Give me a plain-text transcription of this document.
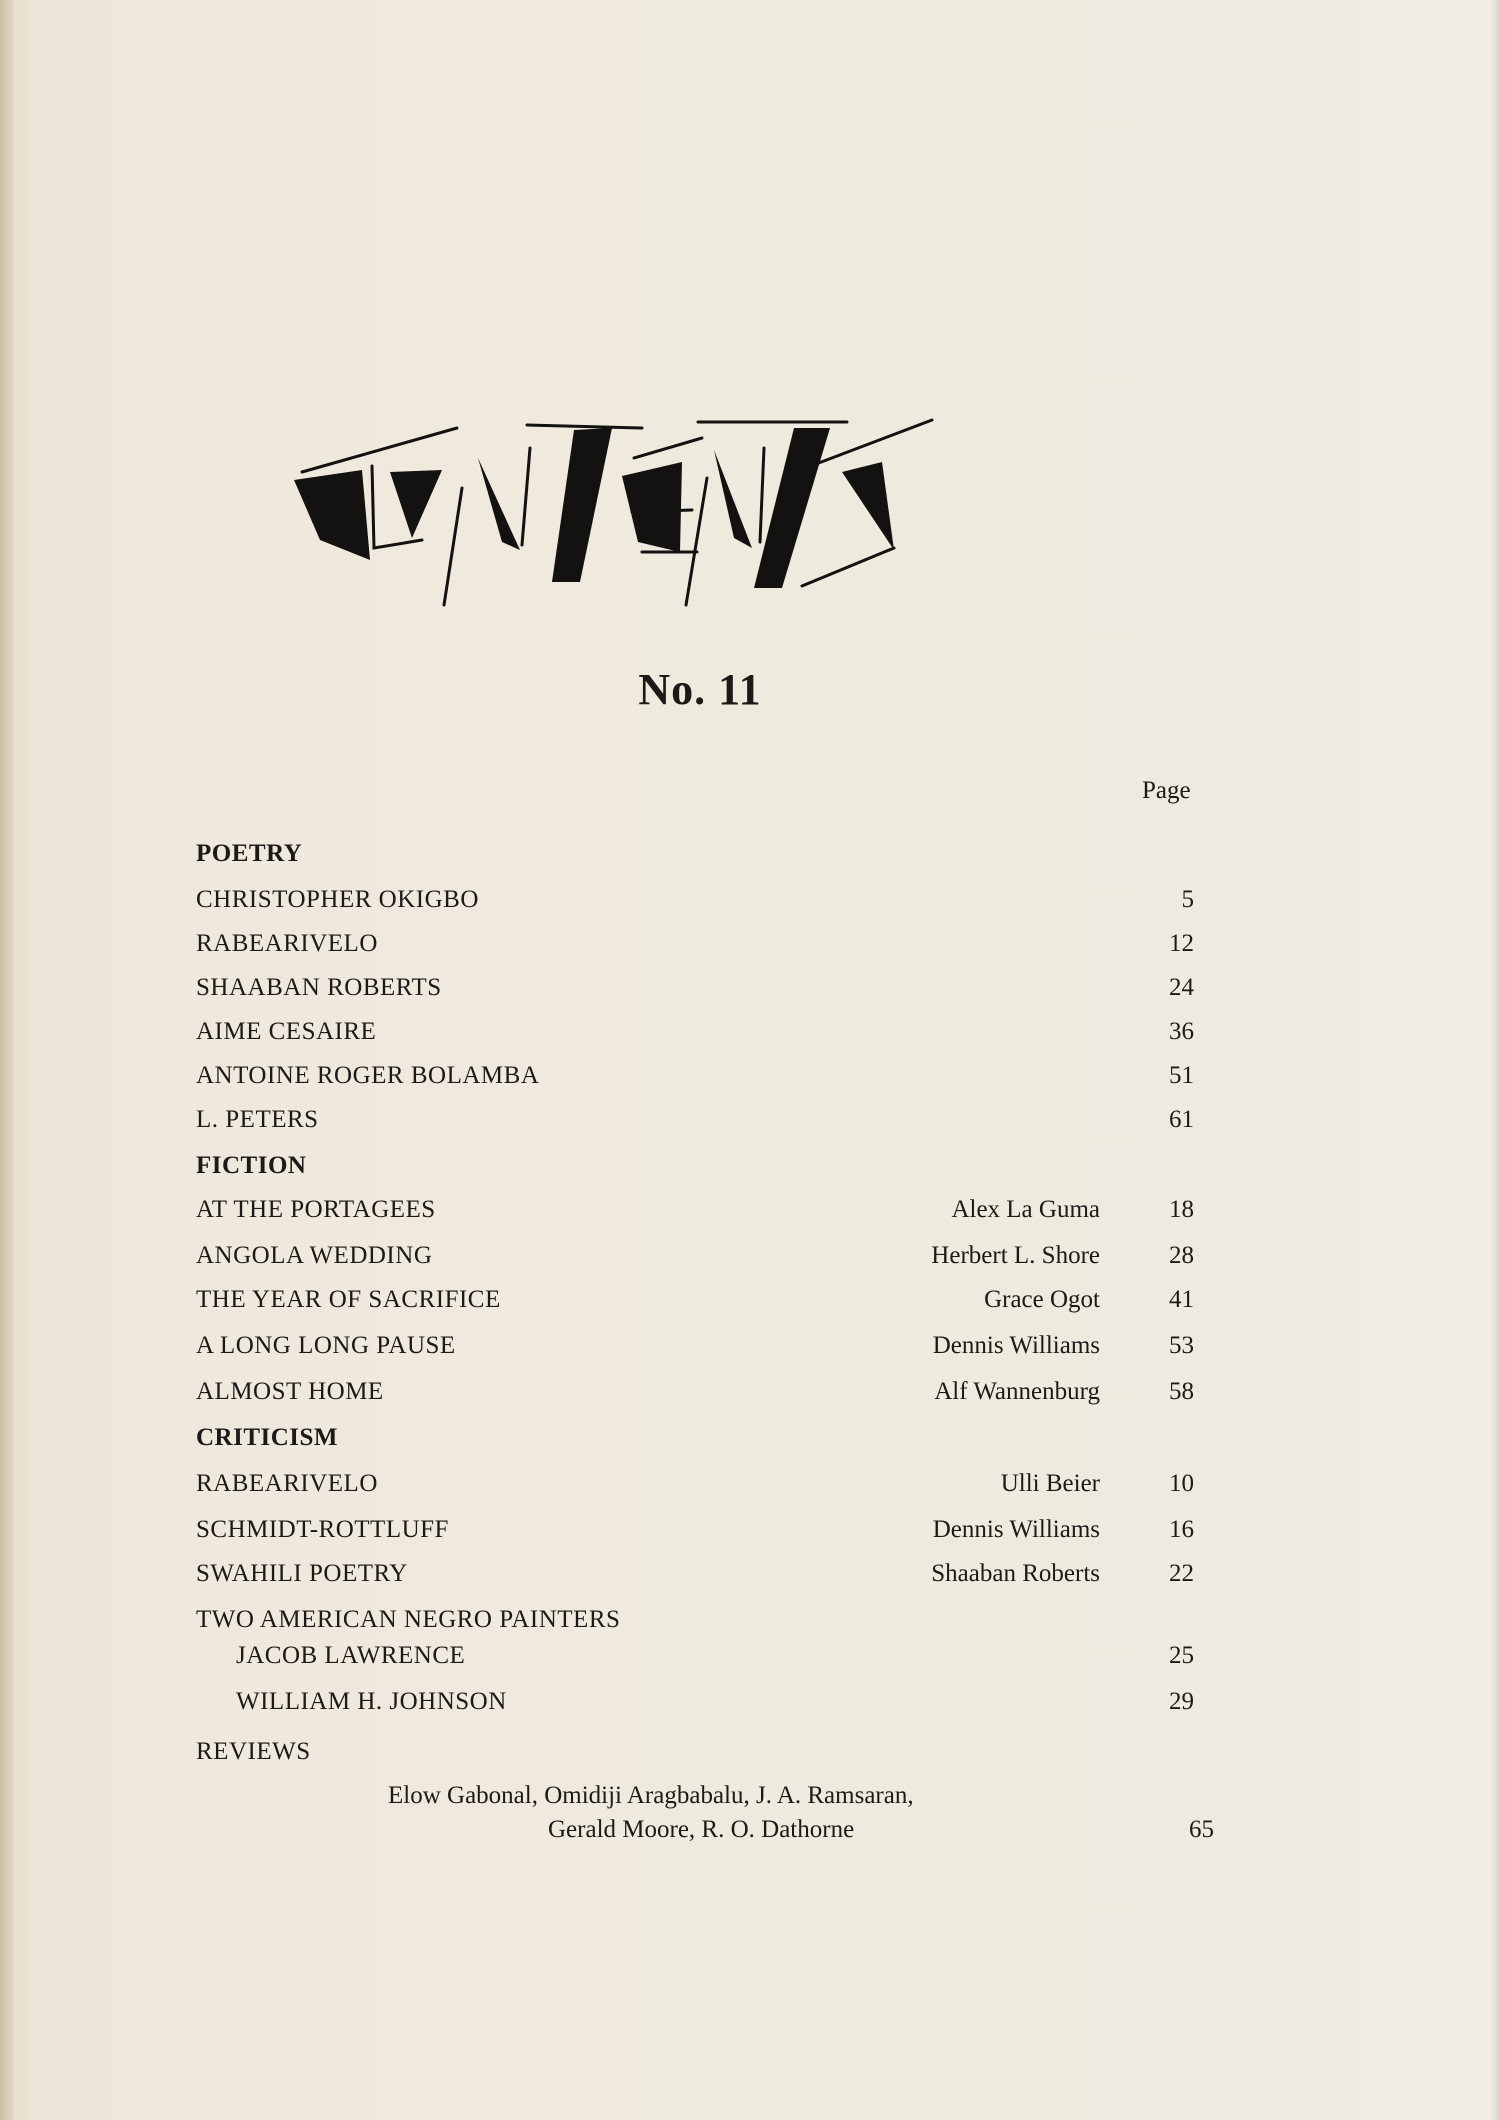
No. 11
Page
POETRY
CHRISTOPHER OKIGBO	5
RABEARIVELO	12
SHAABAN ROBERTS	24
AIME CESAIRE	36
ANTOINE ROGER BOLAMBA	51
L. PETERS	61
FICTION
AT THE PORTAGEES	Alex La Guma	18
ANGOLA WEDDING	Herbert L. Shore	28
THE YEAR OF SACRIFICE	Grace Ogot	41
A LONG LONG PAUSE	Dennis Williams	53
ALMOST HOME	Alf Wannenburg	58
CRITICISM
RABEARIVELO	Ulli Beier	10
SCHMIDT-ROTTLUFF	Dennis Williams	16
SWAHILI POETRY	Shaaban Roberts	22
TWO AMERICAN NEGRO PAINTERS
JACOB LAWRENCE	25
WILLIAM H. JOHNSON	29
REVIEWS
Elow Gabonal, Omidiji Aragbabalu, J. A. Ramsaran,
Gerald Moore, R. O. Dathorne	65
